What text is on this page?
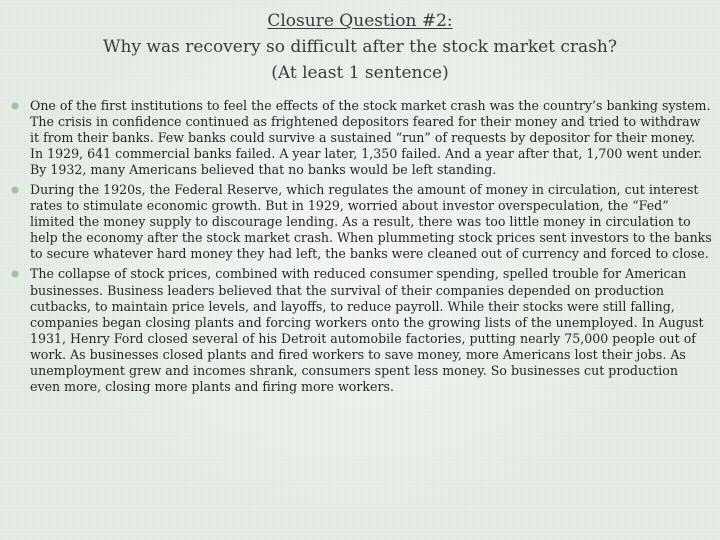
Closure Question #2:
Why was recovery so difficult after the stock market crash?
(At least 1 sentence)
One of the first institutions to feel the effects of the stock market crash was the country’s banking system. The crisis in confidence continued as frightened depositors feared for their money and tried to withdraw it from their banks. Few banks could survive a sustained “run” of requests by depositor for their money. In 1929, 641 commercial banks failed. A year later, 1,350 failed. And a year after that, 1,700 went under. By 1932, many Americans believed that no banks would be left standing.
During the 1920s, the Federal Reserve, which regulates the amount of money in circulation, cut interest rates to stimulate economic growth. But in 1929, worried about investor overspeculation, the “Fed” limited the money supply to discourage lending. As a result, there was too little money in circulation to help the economy after the stock market crash. When plummeting stock prices sent investors to the banks to secure whatever hard money they had left, the banks were cleaned out of currency and forced to close.
The collapse of stock prices, combined with reduced consumer spending, spelled trouble for American businesses. Business leaders believed that the survival of their companies depended on production cutbacks, to maintain price levels, and layoffs, to reduce payroll. While their stocks were still falling, companies began closing plants and forcing workers onto the growing lists of the unemployed. In August 1931, Henry Ford closed several of his Detroit automobile factories, putting nearly 75,000 people out of work. As businesses closed plants and fired workers to save money, more Americans lost their jobs. As unemployment grew and incomes shrank, consumers spent less money. So businesses cut production even more, closing more plants and firing more workers.
